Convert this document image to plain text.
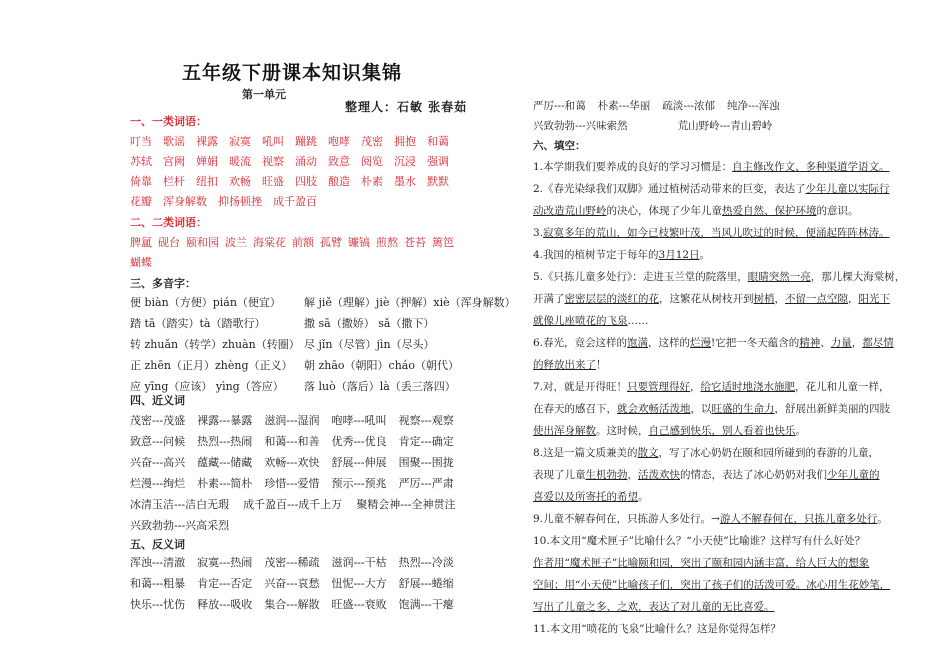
五年级下册课本知识集锦
第一单元
整理人：石敏 张春茹
一、一类词语：
叮当 歌谣 裸露 寂寞 吼叫 蹦跳 咆哮 茂密 拥抱 和蔼
苏轼 宫阙 婵娟 暖流 视察 涌动 致意 阅览 沉浸 强调
倚靠 栏杆 纽扣 欢畅 旺盛 四肢 酿造 朴素 墨水 默默
花瓣 浑身解数 抑扬顿挫 成千盈百
二、二类词语：
脾氲 砚台 颐和园 波兰 海棠花 前额 孤臂 镰镐 煎熬 苍苔 篱笆
蝴蝶
三、多音字：
便 biàn（方便）pián（便宜） 解 jiě（理解）jiè（押解）xiè（浑身解数）
踏 tā（踏实）tà（踏歌行）	撒 sā（撒娇） sǎ（撒下）
转 zhuǎn（转学）zhuàn（转圈） 尽 jǐn（尽管）jìn（尽头）
正 zhēn（正月）zhèng（正义） 朝 zhāo（朝阳）cháo（朝代）
应 yīng（应该） yìng（答应） 落 luò（落后）là（丢三落四）
四、近义词
茂密---茂盛 裸露---暴露 滋润---湿润 咆哮---吼叫 视察---观察
致意---问候 热烈---热闹 和蔼---和善 优秀---优良 肯定---确定
兴奋---高兴 蕴藏---储藏 欢畅---欢快 舒展---伸展 围聚---围拢
烂漫---绚烂 朴素---简朴 珍惜---爱惜 预示---预兆 严厉---严肃
冰清玉洁---洁白无瑕 成千盈百---成千上万 聚精会神---全神贯注
兴致勃勃---兴高采烈
五、反义词
浑浊---清澈 寂寞---热闹 茂密---稀疏 滋润---干枯 热烈---冷淡
和蔼---粗暴 肯定---否定 兴奋---哀愁 忸怩---大方 舒展---蜷缩
快乐---忧伤 释放---吸收 集合---解散 旺盛---衰败 饱满---干瘪
严厉---和蔼 朴素---华丽 疏淡---浓郁 纯净---浑浊
兴致勃勃---兴味索然	荒山野岭---青山碧岭
六、填空：
1.本学期我们要养成的良好的学习习惯是：自主修改作文、多种渠道学语文。
2.《春光染绿我们双脚》通过植树活动带来的巨变，表达了少年儿童以实际行
动改造荒山野岭的决心，体现了少年儿童热爱自然、保护环境的意识。
3.寂寞多年的荒山，如今已枝繁叶茂，当风儿吹过的时候，便涌起阵阵林涛。
4.我国的植树节定于每年的3月12日。
5.《只拣儿童多处行》：走进玉兰堂的院落里，眼睛突然一亮，那儿棵大海棠树，
开满了密密层层的淡红的花，这繁花从树枝开到树梢，不留一点空隙，阳光下
就像儿座喷花的飞泉……
6.春光，竟会这样的饱满，这样的烂漫!它把一冬天蕴含的精神、力量，都尽情
的释放出来了！
7.对，就是开得旺！只要管理得好，给它适时地浇水施肥，花儿和儿童一样，
在春天的感召下，就会欢畅活泼地，以旺盛的生命力，舒展出新鲜美丽的四肢
使出浑身解数。这时候，自己感到快乐，别人看着也快乐。
8.这是一篇文质兼美的散文，写了冰心奶奶在颐和园所碰到的春游的儿童，
表现了儿童生机勃勃，活泼欢快的情态，表达了冰心奶奶对我们少年儿童的
喜爱以及所寄托的希望。
9.儿童不解春何在，只拣游人多处行。→游人不解春何在，只拣儿童多处行。
10.本文用“魔术匣子”比喻什么？“小天使”比喻谁？这样写有什么好处？
作者用“魔术匣子”比喻颐和园，突出了颐和园内涵丰富，给人巨大的想象
空间；用“小天使”比喻孩子们，突出了孩子们的活泼可爱。冰心用生花妙笔，
写出了儿童之多、之欢，表达了对儿童的无比喜爱。
11.本文用“喷花的飞泉”比喻什么？这是你觉得怎样？
